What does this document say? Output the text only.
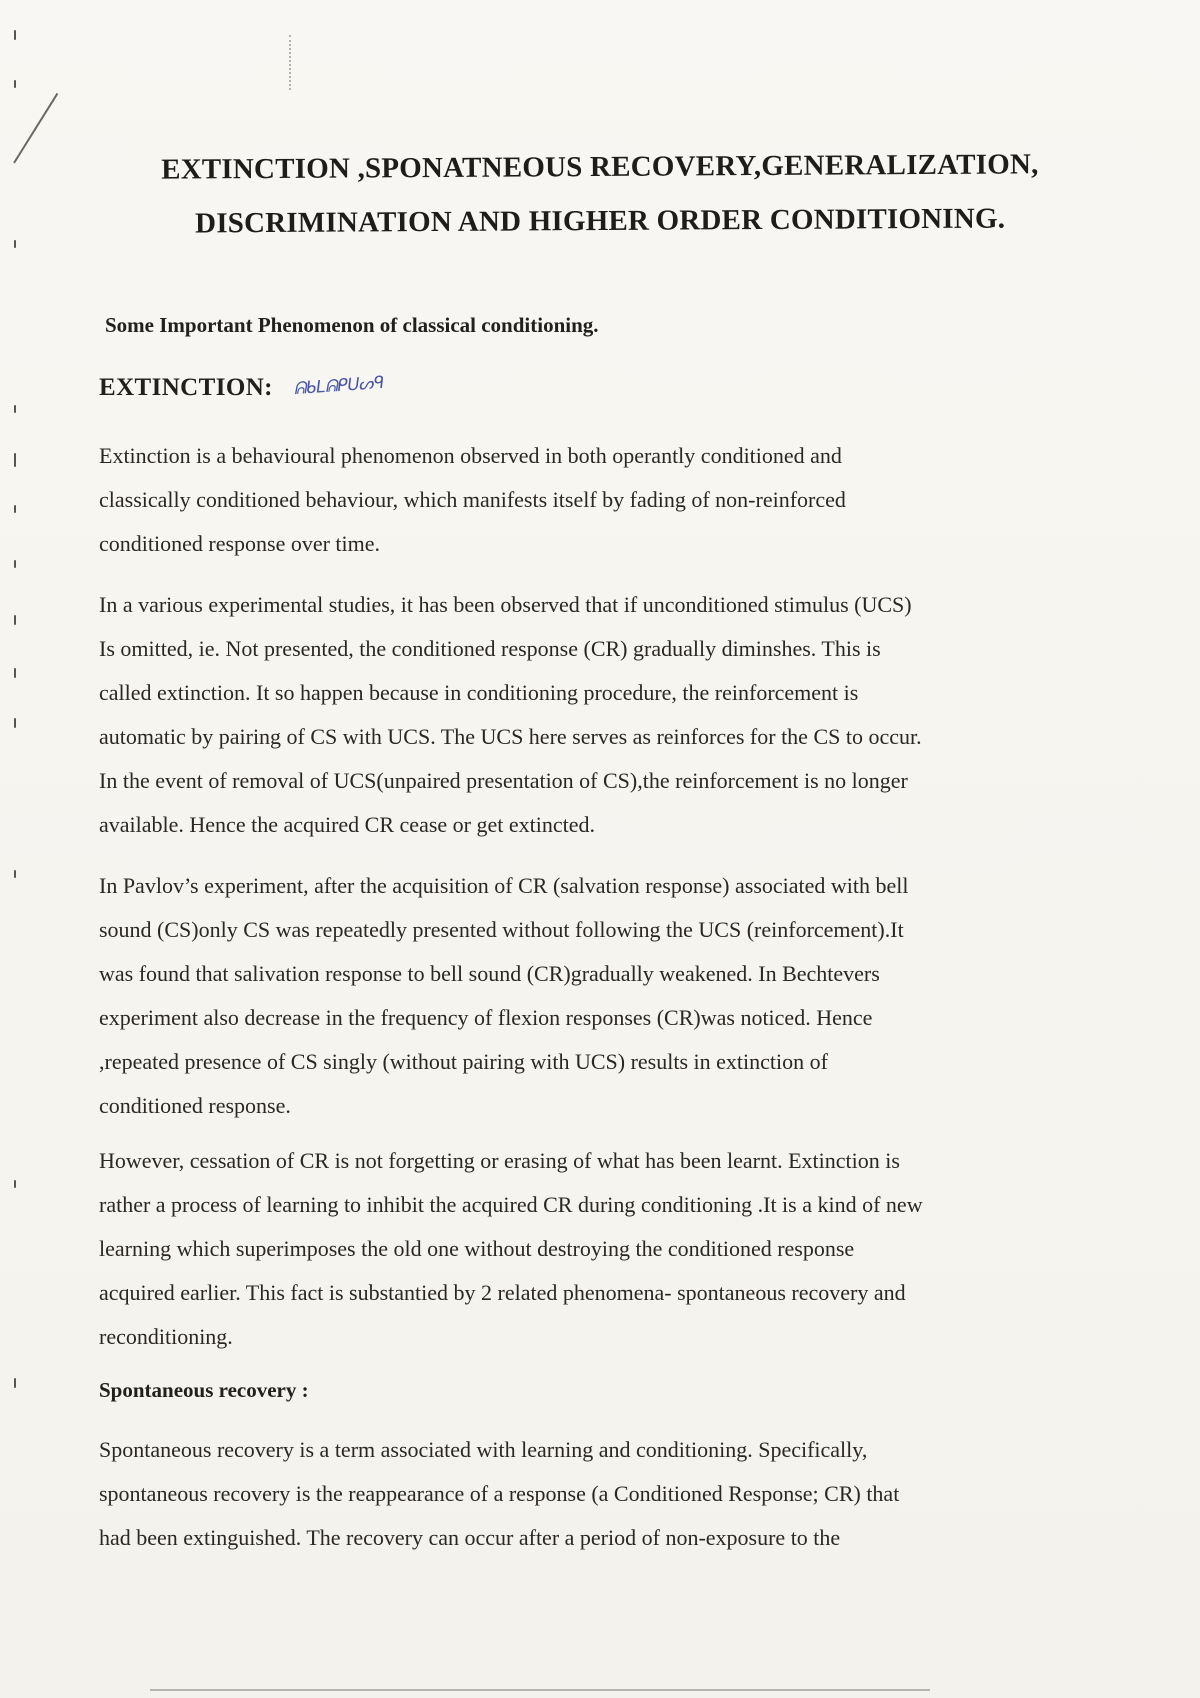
EXTINCTION ,SPONATNEOUS RECOVERY,GENERALIZATION,
DISCRIMINATION AND HIGHER ORDER CONDITIONING.
Some Important Phenomenon of classical conditioning.
EXTINCTION: ᕱᑲᒪᕱᑭᑌᔕᑫ
Extinction is a behavioural phenomenon observed in both operantly conditioned and
classically conditioned behaviour, which manifests itself by fading of non-reinforced
conditioned response over time.
In a various experimental studies, it has been observed that if unconditioned stimulus (UCS)
Is omitted, ie. Not presented, the conditioned response (CR) gradually diminshes. This is
called extinction. It so happen because in conditioning procedure, the reinforcement is
automatic by pairing of CS with UCS. The UCS here serves as reinforces for the CS to occur.
In the event of removal of UCS(unpaired presentation of CS),the reinforcement is no longer
available. Hence the acquired CR cease or get extincted.
In Pavlov’s experiment, after the acquisition of CR (salvation response) associated with bell
sound (CS)only CS was repeatedly presented without following the UCS (reinforcement).It
was found that salivation response to bell sound (CR)gradually weakened. In Bechtevers
experiment also decrease in the frequency of flexion responses (CR)was noticed. Hence
,repeated presence of CS singly (without pairing with UCS) results in extinction of
conditioned response.
However, cessation of CR is not forgetting or erasing of what has been learnt. Extinction is
rather a process of learning to inhibit the acquired CR during conditioning .It is a kind of new
learning which superimposes the old one without destroying the conditioned response
acquired earlier. This fact is substantied by 2 related phenomena- spontaneous recovery and
reconditioning.
Spontaneous recovery :
Spontaneous recovery is a term associated with learning and conditioning. Specifically,
spontaneous recovery is the reappearance of a response (a Conditioned Response; CR) that
had been extinguished. The recovery can occur after a period of non-exposure to the
